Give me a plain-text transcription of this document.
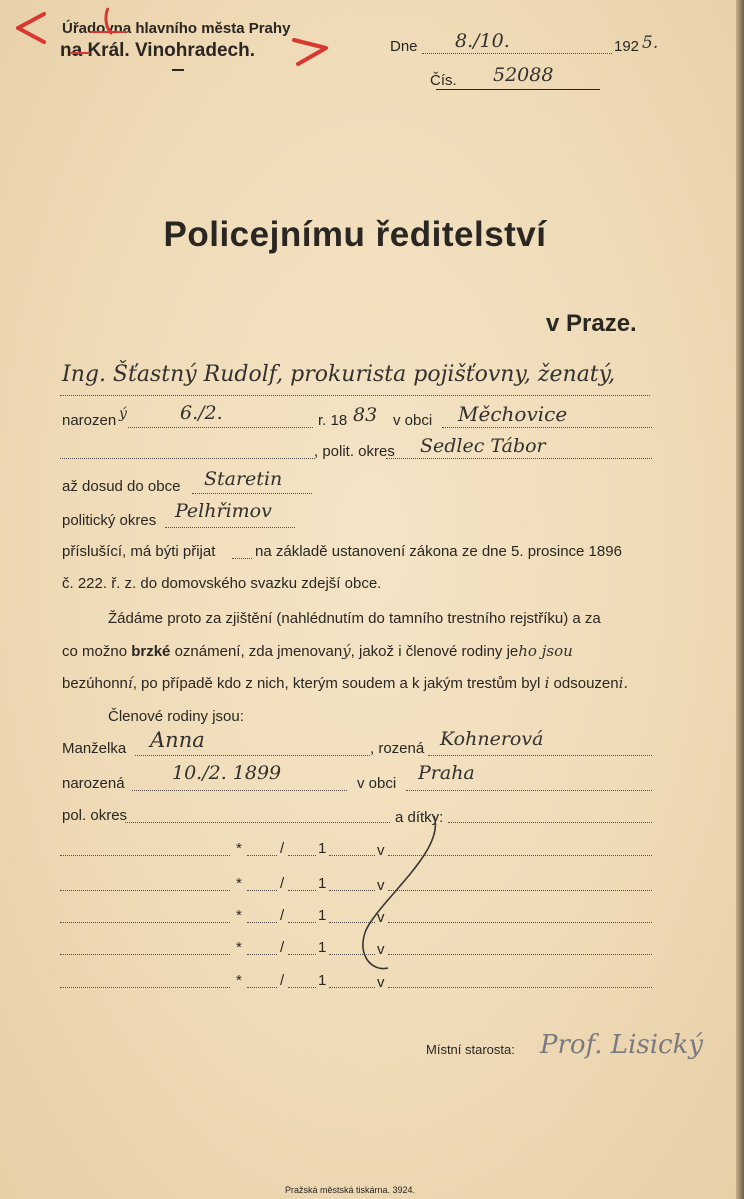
Úřadovna hlavního města Prahy
na Král. Vinohradech.	Dne 8./10.	192 5.
Čís. 52088
Policejnímu ředitelství
v Praze.
Ing. Šťastný Rudolf, prokurista pojišťovny, ženatý,
narozen ý	6./2.	r. 18 83 v obci Měchovice
, polit. okres Sedlec Tábor
až dosud do obce Staretin
politický okres Pelhřimov
příslušící, má býti přijat	na základě ustanovení zákona ze dne 5. prosince 1896
č. 222. ř. z. do domovského svazku zdejší obce.
Žádáme proto za zjištění (nahlédnutím do tamního trestního rejstříku) a za
co možno brzké oznámení, zda jmenovaný, jakož i členové rodiny jeho jsou
bezúhonní, po případě kdo z nich, kterým soudem a k jakým trestům byl i odsouzeni.
Členové rodiny jsou:
Manželka Anna	, rozená Kohnerová
narozená 10./2. 1899	v obci Praha
pol. okres	a dítky:
*	/ 1	v
*	/ 1	v
*	/ 1	v
*	/ 1	v
*	/ 1	v
Místní starosta: Prof. Lisický
Pražská městská tiskárna. 3924.
